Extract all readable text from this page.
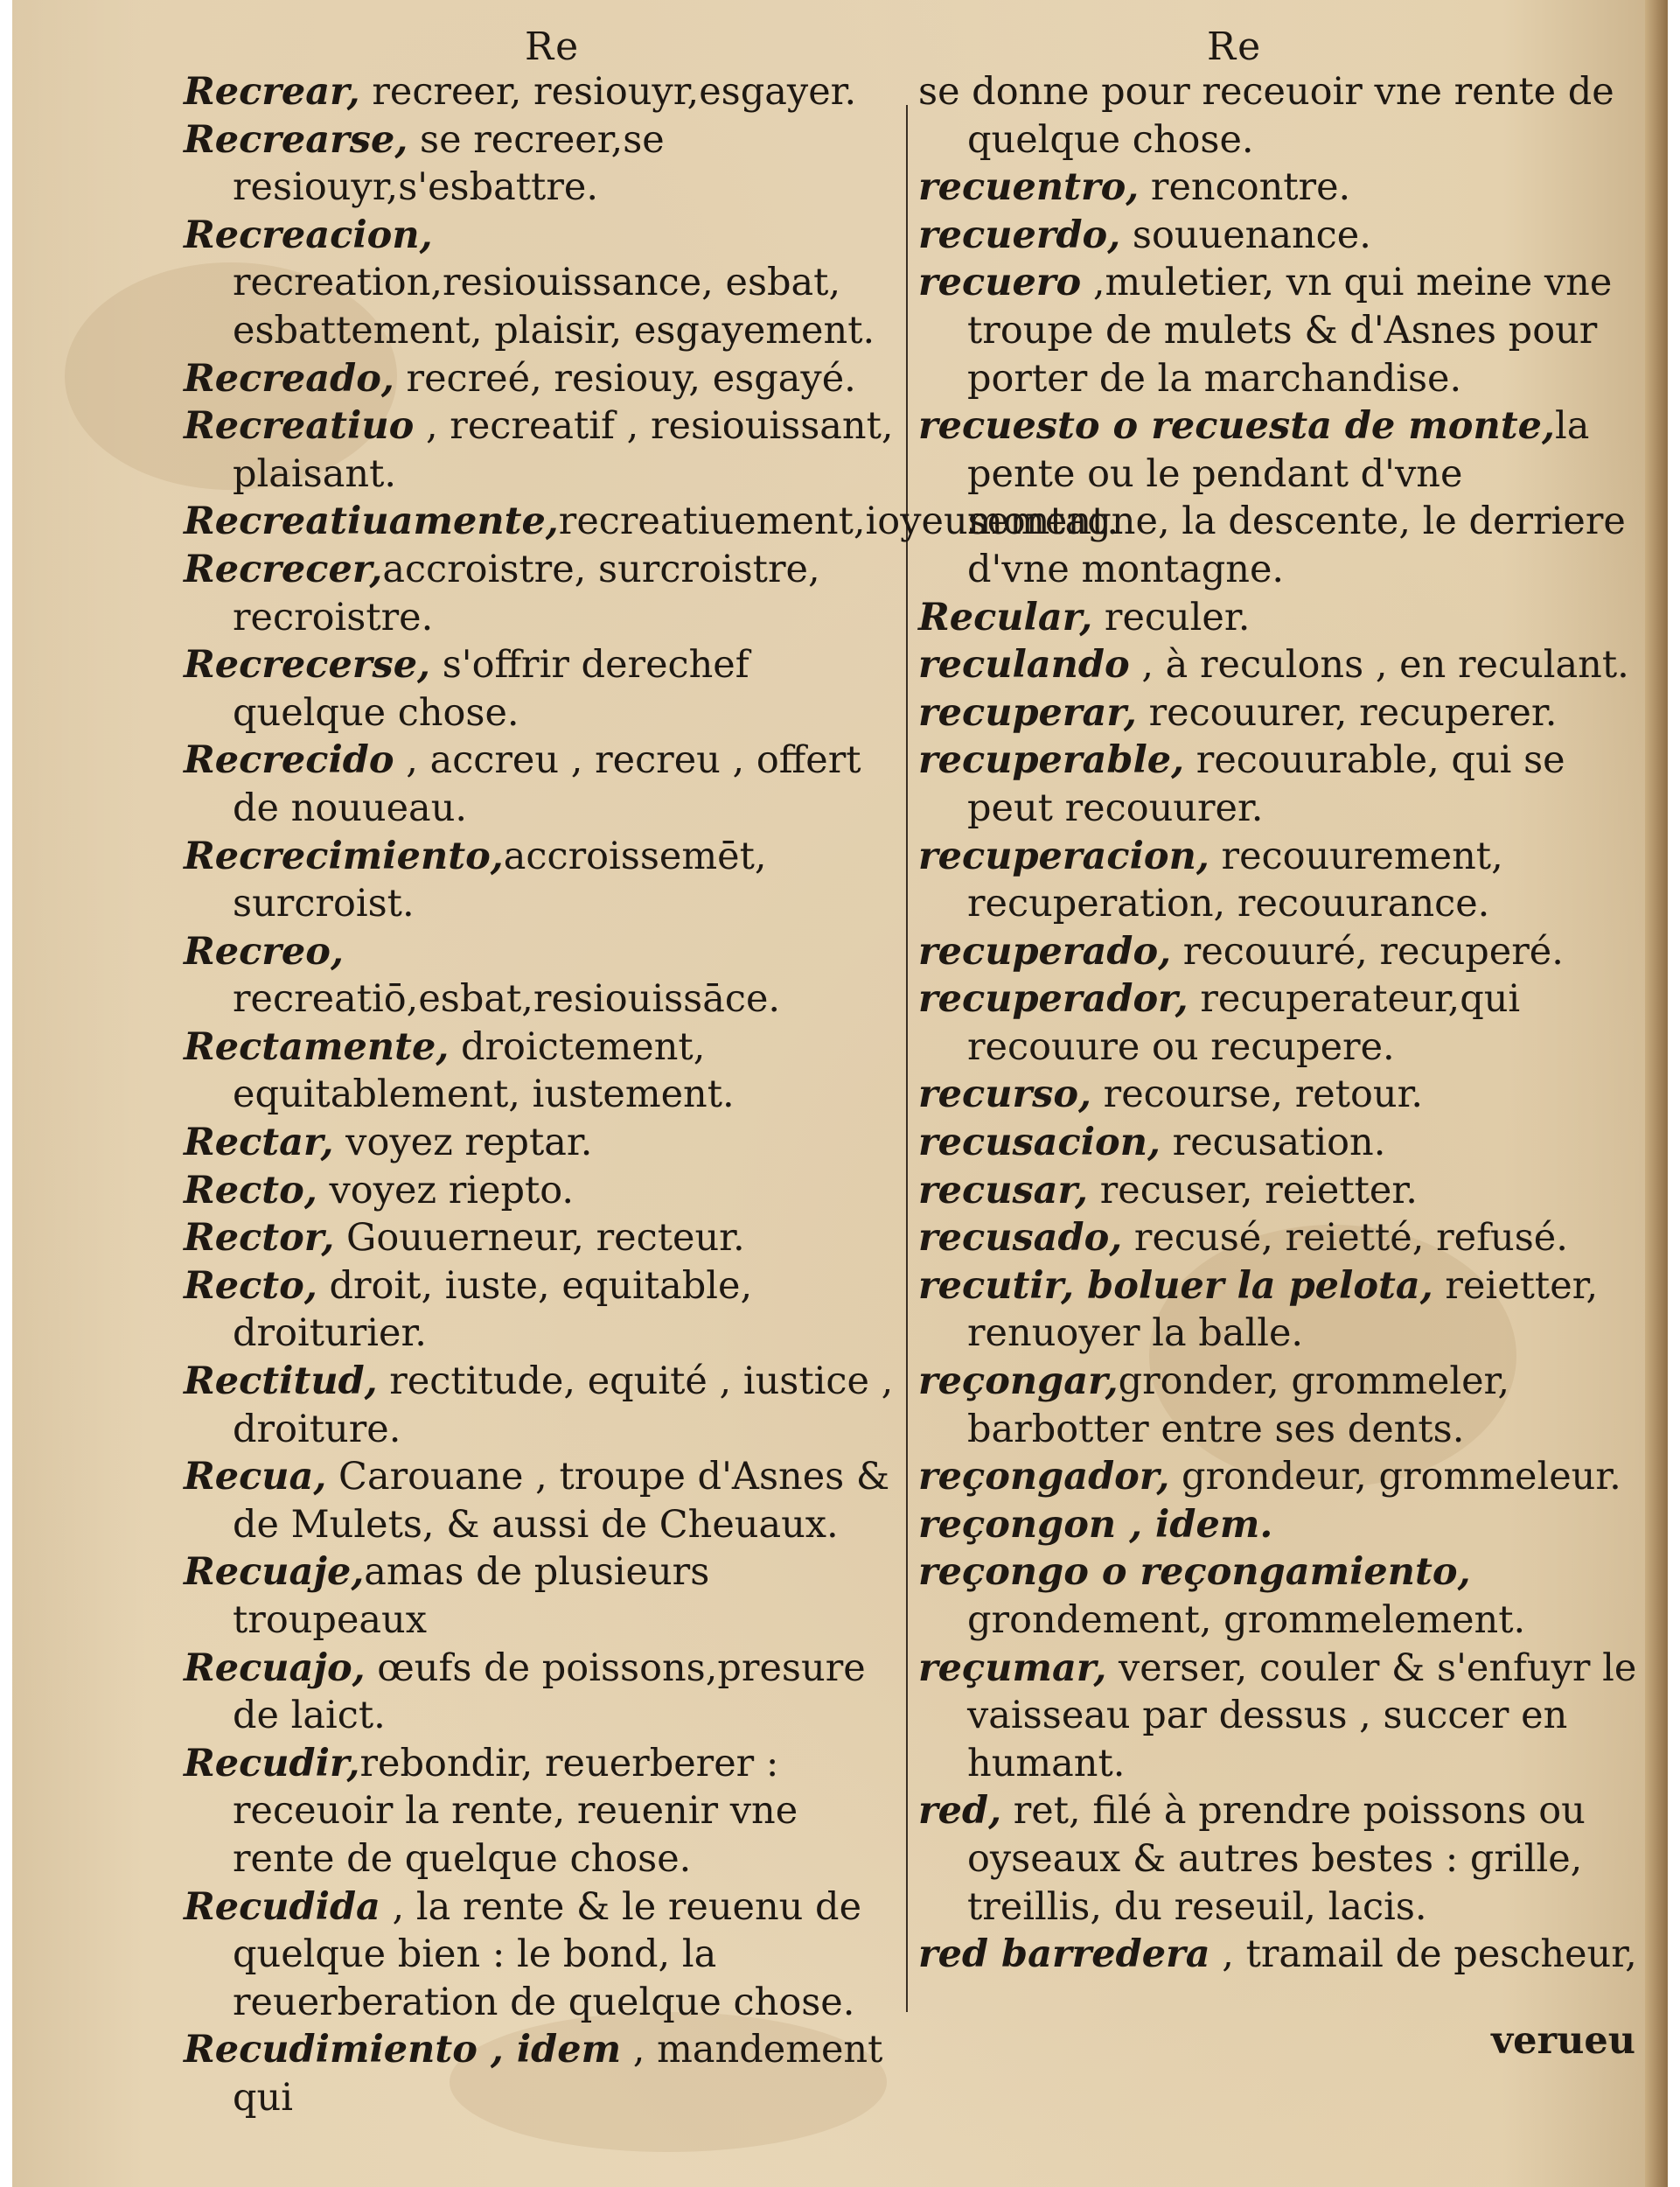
Re
Recrear, recreer, resiouyr,esgayer.
Recrearse, se recreer,se resiouyr,s'esbattre.
Recreacion, recreation,resiouissance, esbat, esbattement, plaisir, esgayement.
Recreado, recreé, resiouy, esgayé.
Recreatiuo , recreatif , resiouissant, plaisant.
Recreatiuamente,recreatiuement,ioyeusement.
Recrecer,accroistre, surcroistre, recroistre.
Recrecerse, s'offrir derechef quelque chose.
Recrecido , accreu , recreu , offert de nouueau.
Recrecimiento,accroissemēt, surcroist.
Recreo, recreatiō,esbat,resiouissāce.
Rectamente, droictement, equitablement, iustement.
Rectar, voyez reptar.
Recto, voyez riepto.
Rector, Gouuerneur, recteur.
Recto, droit, iuste, equitable, droiturier.
Rectitud, rectitude, equité , iustice , droiture.
Recua, Carouane , troupe d'Asnes & de Mulets, & aussi de Cheuaux.
Recuaje,amas de plusieurs troupeaux
Recuajo, œufs de poissons,presure de laict.
Recudir,rebondir, reuerberer : receuoir la rente, reuenir vne rente de quelque chose.
Recudida , la rente & le reuenu de quelque bien : le bond, la reuerberation de quelque chose.
Recudimiento , idem , mandement qui
Re
se donne pour receuoir vne rente de quelque chose.
recuentro, rencontre.
recuerdo, souuenance.
recuero ,muletier, vn qui meine vne troupe de mulets & d'Asnes pour porter de la marchandise.
recuesto o recuesta de monte,la pente ou le pendant d'vne montagne, la descente, le derriere d'vne montagne.
Recular, reculer.
reculando , à reculons , en reculant.
recuperar, recouurer, recuperer.
recuperable, recouurable, qui se peut recouurer.
recuperacion, recouurement, recuperation, recouurance.
recuperado, recouuré, recuperé.
recuperador, recuperateur,qui recouure ou recupere.
recurso, recourse, retour.
recusacion, recusation.
recusar, recuser, reietter.
recusado, recusé, reietté, refusé.
recutir, boluer la pelota, reietter, renuoyer la balle.
reçongar,gronder, grommeler, barbotter entre ses dents.
reçongador, grondeur, grommeleur.
reçongon , idem.
reçongo o reçongamiento, grondement, grommelement.
reçumar, verser, couler & s'enfuyr le vaisseau par dessus , succer en humant.
red, ret, filé à prendre poissons ou oyseaux & autres bestes : grille, treillis, du reseuil, lacis.
red barredera , tramail de pescheur,
verueu
